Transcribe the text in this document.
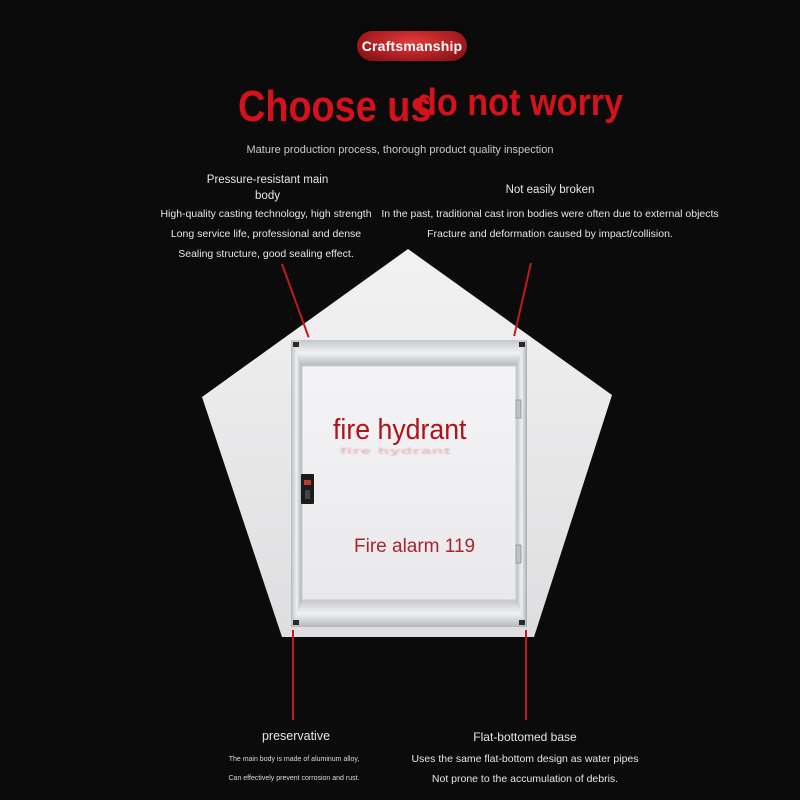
Craftsmanship
Choose us
do not worry
Mature production process, thorough product quality inspection
fire hydrant
fire hydrant
Fire alarm 119
Pressure-resistant main
body
High-quality casting technology, high strength
Long service life, professional and dense
Sealing structure, good sealing effect.
Not easily broken
In the past, traditional cast iron bodies were often due to external objects
Fracture and deformation caused by impact/collision.
preservative
The main body is made of aluminum alloy,
Can effectively prevent corrosion and rust.
Flat-bottomed base
Uses the same flat-bottom design as water pipes
Not prone to the accumulation of debris.
